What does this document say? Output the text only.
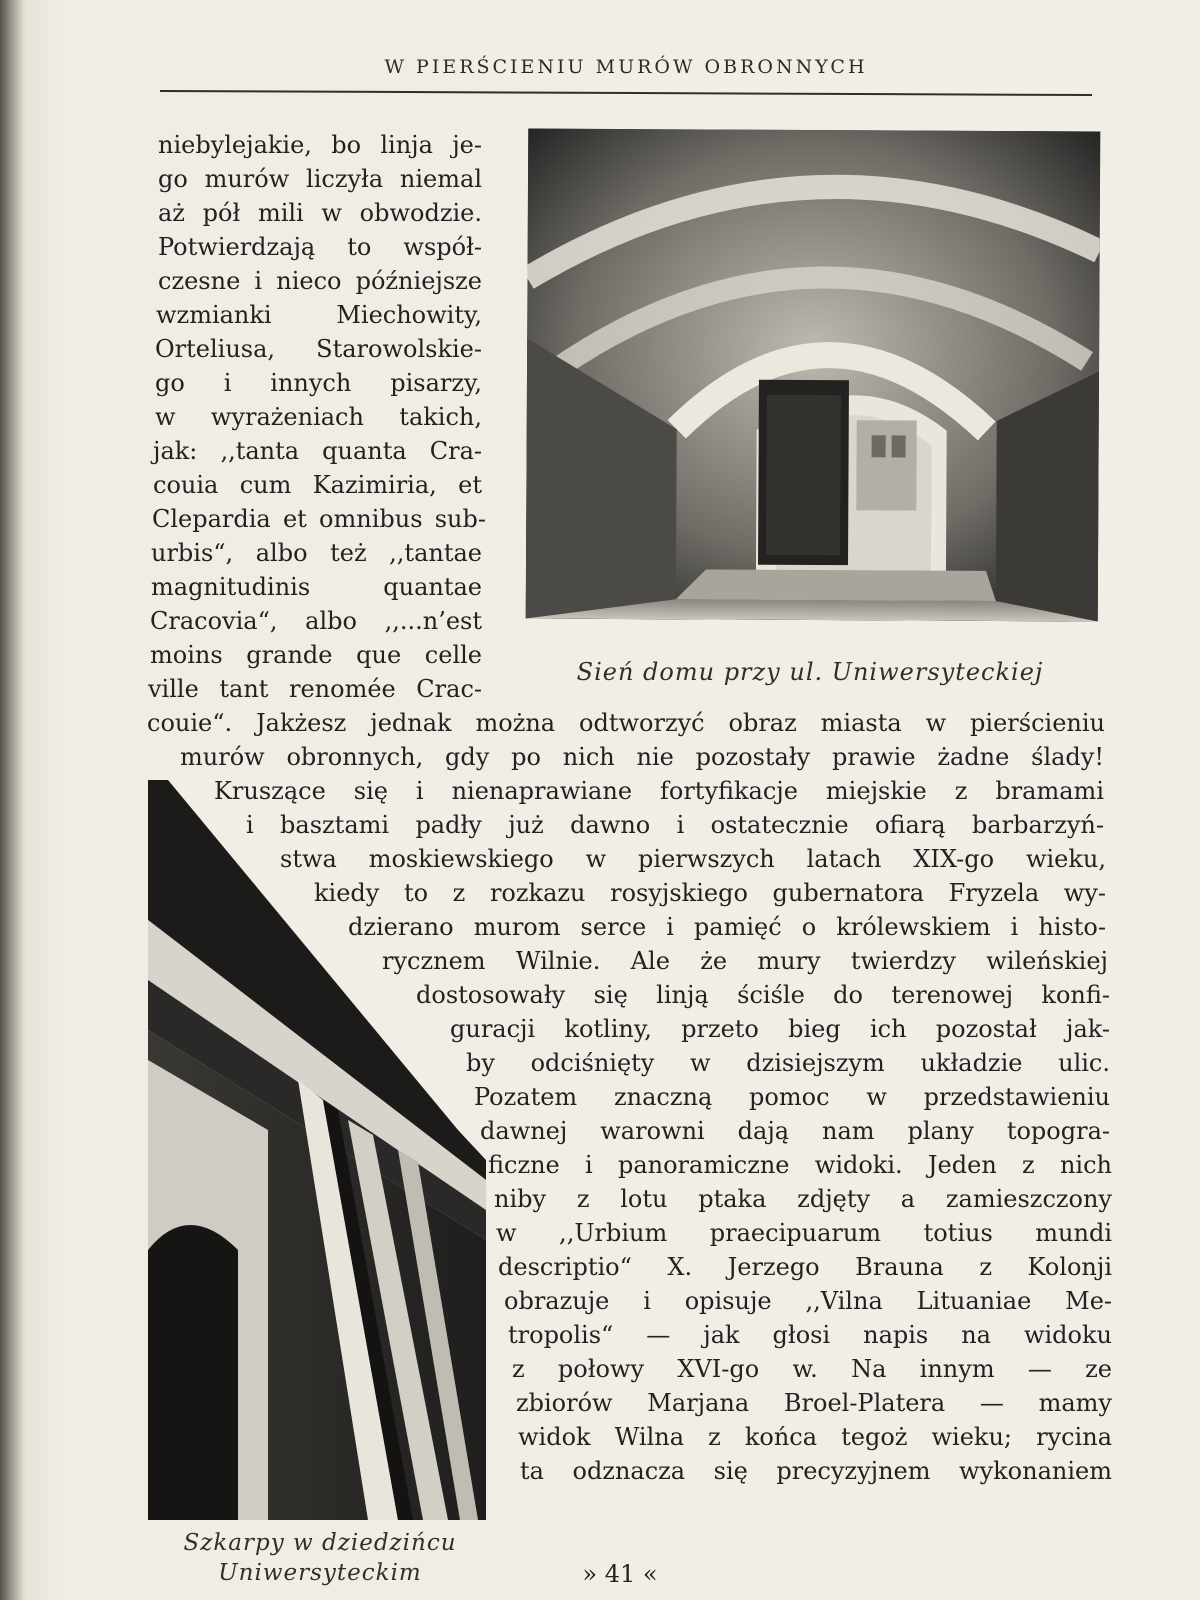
W PIERŚCIENIU MURÓW OBRONNYCH
Sień domu przy ul. Uniwersyteckiej
Szkarpy w dziedzińcu
Uniwersyteckim	» 41 «
niebylejakie, bo linja je-
go murów liczyła niemal
aż pół mili w obwodzie.
Potwierdzają to współ-
czesne i nieco późniejsze
wzmianki Miechowity,
Orteliusa, Starowolskie-
go i innych pisarzy,
w wyrażeniach takich,
jak: ,,tanta quanta Cra-
couia cum Kazimiria, et
Clepardia et omnibus sub-
urbis“, albo też ,,tantae
magnitudinis quantae
Cracovia“, albo ,,...n’est
moins grande que celle
ville tant renomée Crac-
couie“. Jakżesz jednak można odtworzyć obraz miasta w pierścieniu
murów obronnych, gdy po nich nie pozostały prawie żadne ślady!
Kruszące się i nienaprawiane fortyfikacje miejskie z bramami
i basztami padły już dawno i ostatecznie ofiarą barbarzyń-
stwa moskiewskiego w pierwszych latach XIX-go wieku,
kiedy to z rozkazu rosyjskiego gubernatora Fryzela wy-
dzierano murom serce i pamięć o królewskiem i histo-
rycznem Wilnie. Ale że mury twierdzy wileńskiej
dostosowały się linją ściśle do terenowej konfi-
guracji kotliny, przeto bieg ich pozostał jak-
by odciśnięty w dzisiejszym układzie ulic.
Pozatem znaczną pomoc w przedstawieniu
dawnej warowni dają nam plany topogra-
ficzne i panoramiczne widoki. Jeden z nich
niby z lotu ptaka zdjęty a zamieszczony
w ,,Urbium praecipuarum totius mundi
descriptio“ X. Jerzego Brauna z Kolonji
obrazuje i opisuje ,,Vilna Lituaniae Me-
tropolis“ — jak głosi napis na widoku
z połowy XVI-go w. Na innym — ze
zbiorów Marjana Broel-Platera — mamy
widok Wilna z końca tegoż wieku; rycina
ta odznacza się precyzyjnem wykonaniem
